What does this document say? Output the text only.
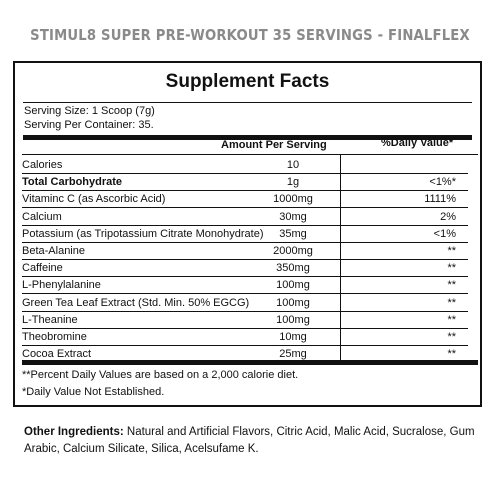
STIMUL8 SUPER PRE-WORKOUT 35 SERVINGS - FINALFLEX
Supplement Facts
Serving Size: 1 Scoop (7g)
Serving Per Container: 35.
Amount Per Serving	%Daily Value*
Calories	10
Total Carbohydrate	1g	<1%*
Vitaminc C (as Ascorbic Acid)	1000mg	1111%
Calcium	30mg	2%
Potassium (as Tripotassium Citrate Monohydrate) 35mg	<1%
Beta-Alanine	2000mg	**
Caffeine	350mg	**
L-Phenylalanine	100mg	**
Green Tea Leaf Extract (Std. Min. 50% EGCG) 100mg	**
L-Theanine	100mg	**
Theobromine	10mg	**
Cocoa Extract	25mg	**
**Percent Daily Values are based on a 2,000 calorie diet.
*Daily Value Not Established.
Other Ingredients: Natural and Artificial Flavors, Citric Acid, Malic Acid, Sucralose, Gum Arabic, Calcium Silicate, Silica, Acelsufame K.
